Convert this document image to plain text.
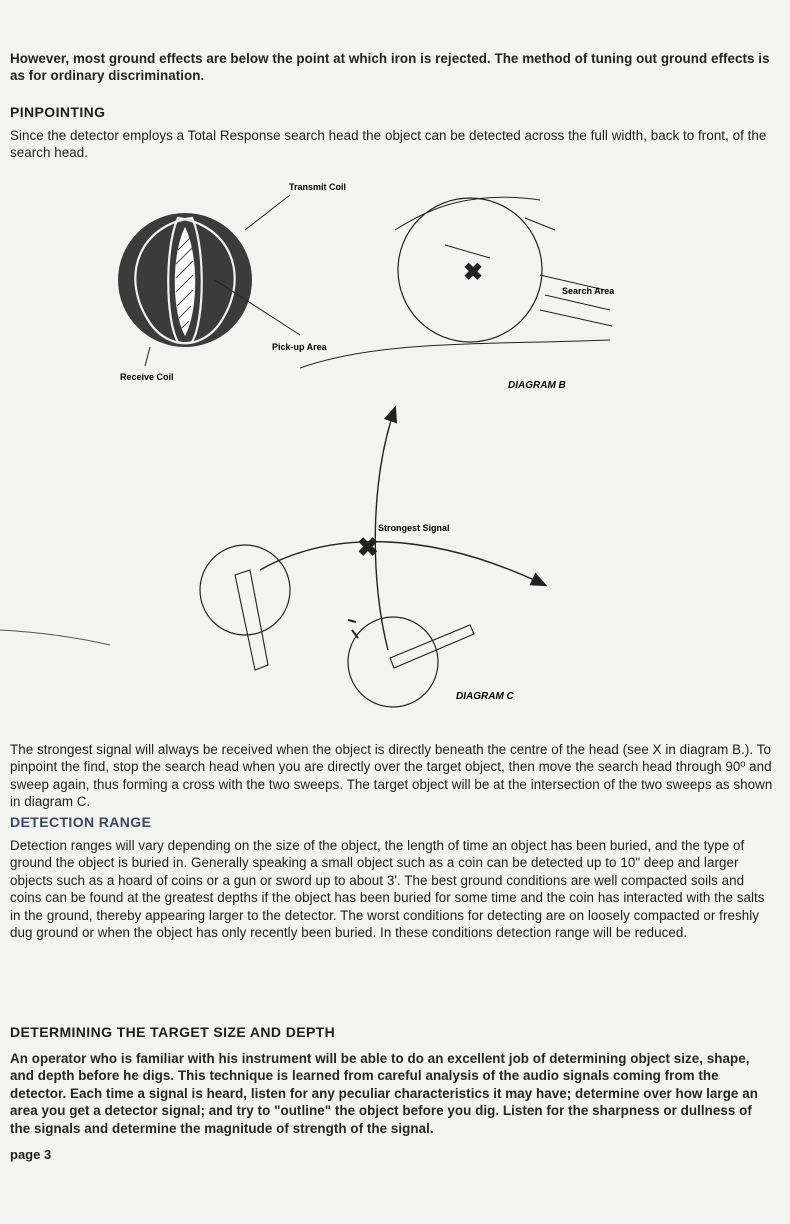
However, most ground effects are below the point at which iron is rejected. The method of tuning out ground effects is as for ordinary discrimination.

PINPOINTING

Since the detector employs a Total Response search head the object can be detected across the full width, back to front, of the search head.

Transmit Coil
Pick-up Area
Receive Coil
✖
Search Area
DIAGRAM B
✖
Strongest Signal
DIAGRAM C

The strongest signal will always be received when the object is directly beneath the centre of the head (see X in diagram B.). To pinpoint the find, stop the search head when you are directly over the target object, then move the search head through 90º and sweep again, thus forming a cross with the two sweeps. The target object will be at the intersection of the two sweeps as shown in diagram C.

DETECTION RANGE

Detection ranges will vary depending on the size of the object, the length of time an object has been buried, and the type of ground the object is buried in. Generally speaking a small object such as a coin can be detected up to 10" deep and larger objects such as a hoard of coins or a gun or sword up to about 3'. The best ground conditions are well compacted soils and coins can be found at the greatest depths if the object has been buried for some time and the coin has interacted with the salts in the ground, thereby appearing larger to the detector. The worst conditions for detecting are on loosely compacted or freshly dug ground or when the object has only recently been buried. In these conditions detection range will be reduced.

DETERMINING THE TARGET SIZE AND DEPTH

An operator who is familiar with his instrument will be able to do an excellent job of determining object size, shape, and depth before he digs. This technique is learned from careful analysis of the audio signals coming from the detector. Each time a signal is heard, listen for any peculiar characteristics it may have; determine over how large an area you get a detector signal; and try to "outline" the object before you dig. Listen for the sharpness or dullness of the signals and determine the magnitude of strength of the signal.

page 3
